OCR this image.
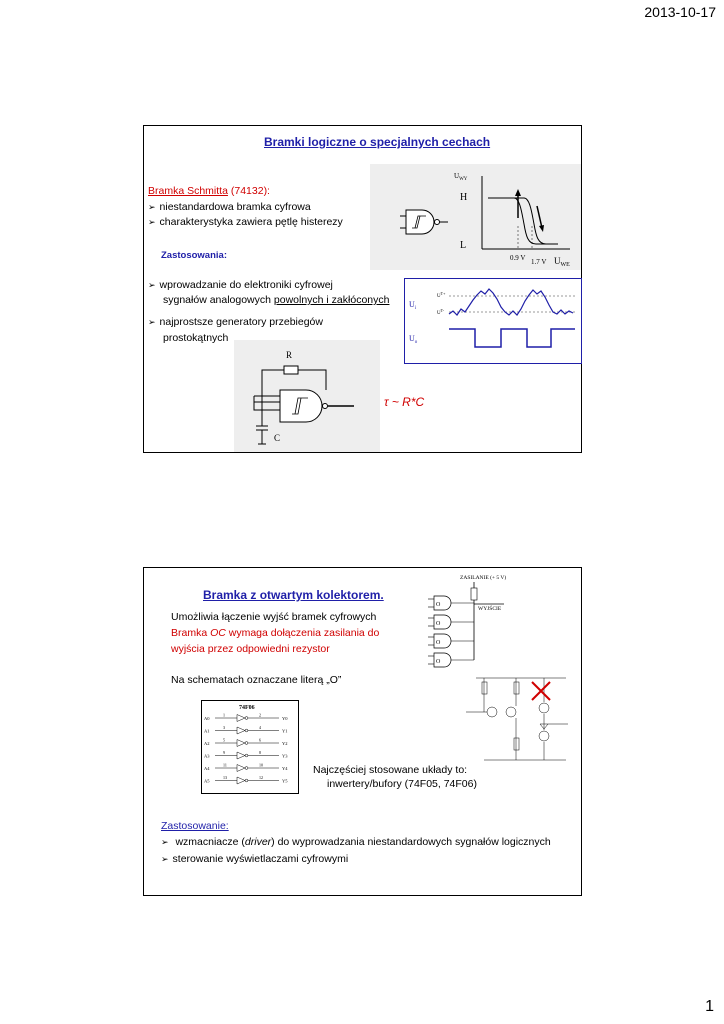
2013-10-17
1
Bramki logiczne o specjalnych cechach
Bramka Schmitta (74132):
➢ niestandardowa bramka cyfrowa
➢ charakterystyka zawiera pętlę histerezy
Zastosowania:
$U_{WY}$
H
L
0.9 V 1.7 V $U_{WE}$
➢ wprowadzanie do elektroniki cyfrowej
sygnałów analogowych powolnych i zakłóconych
➢ najprostsze generatory przebiegów
prostokątnych
$U_i$
$U_o$
$U^{T+}$
$U^{T-}$
R
C
τ ~ R*C
Bramka z otwartym kolektorem.
Umożliwia łączenie wyjść bramek cyfrowych
Bramka OC wymaga dołączenia zasilania do
wyjścia przez odpowiedni rezystor
Na schematach oznaczane literą „O”
ZASILANIE (+ 5 V)
WYJŚCIE
O
O
O
O
74F06
A0
1	2
Y0
A1
3	4
Y1
A2
5	6
Y2
A3
9	8
Y3
A4
11	10
Y4
A5
13	12
Y5
Najczęściej stosowane układy to:
inwertery/bufory (74F05, 74F06)
Zastosowanie:
➢ wzmacniacze (driver) do wyprowadzania niestandardowych sygnałów logicznych
➢ sterowanie wyświetlaczami cyfrowymi
